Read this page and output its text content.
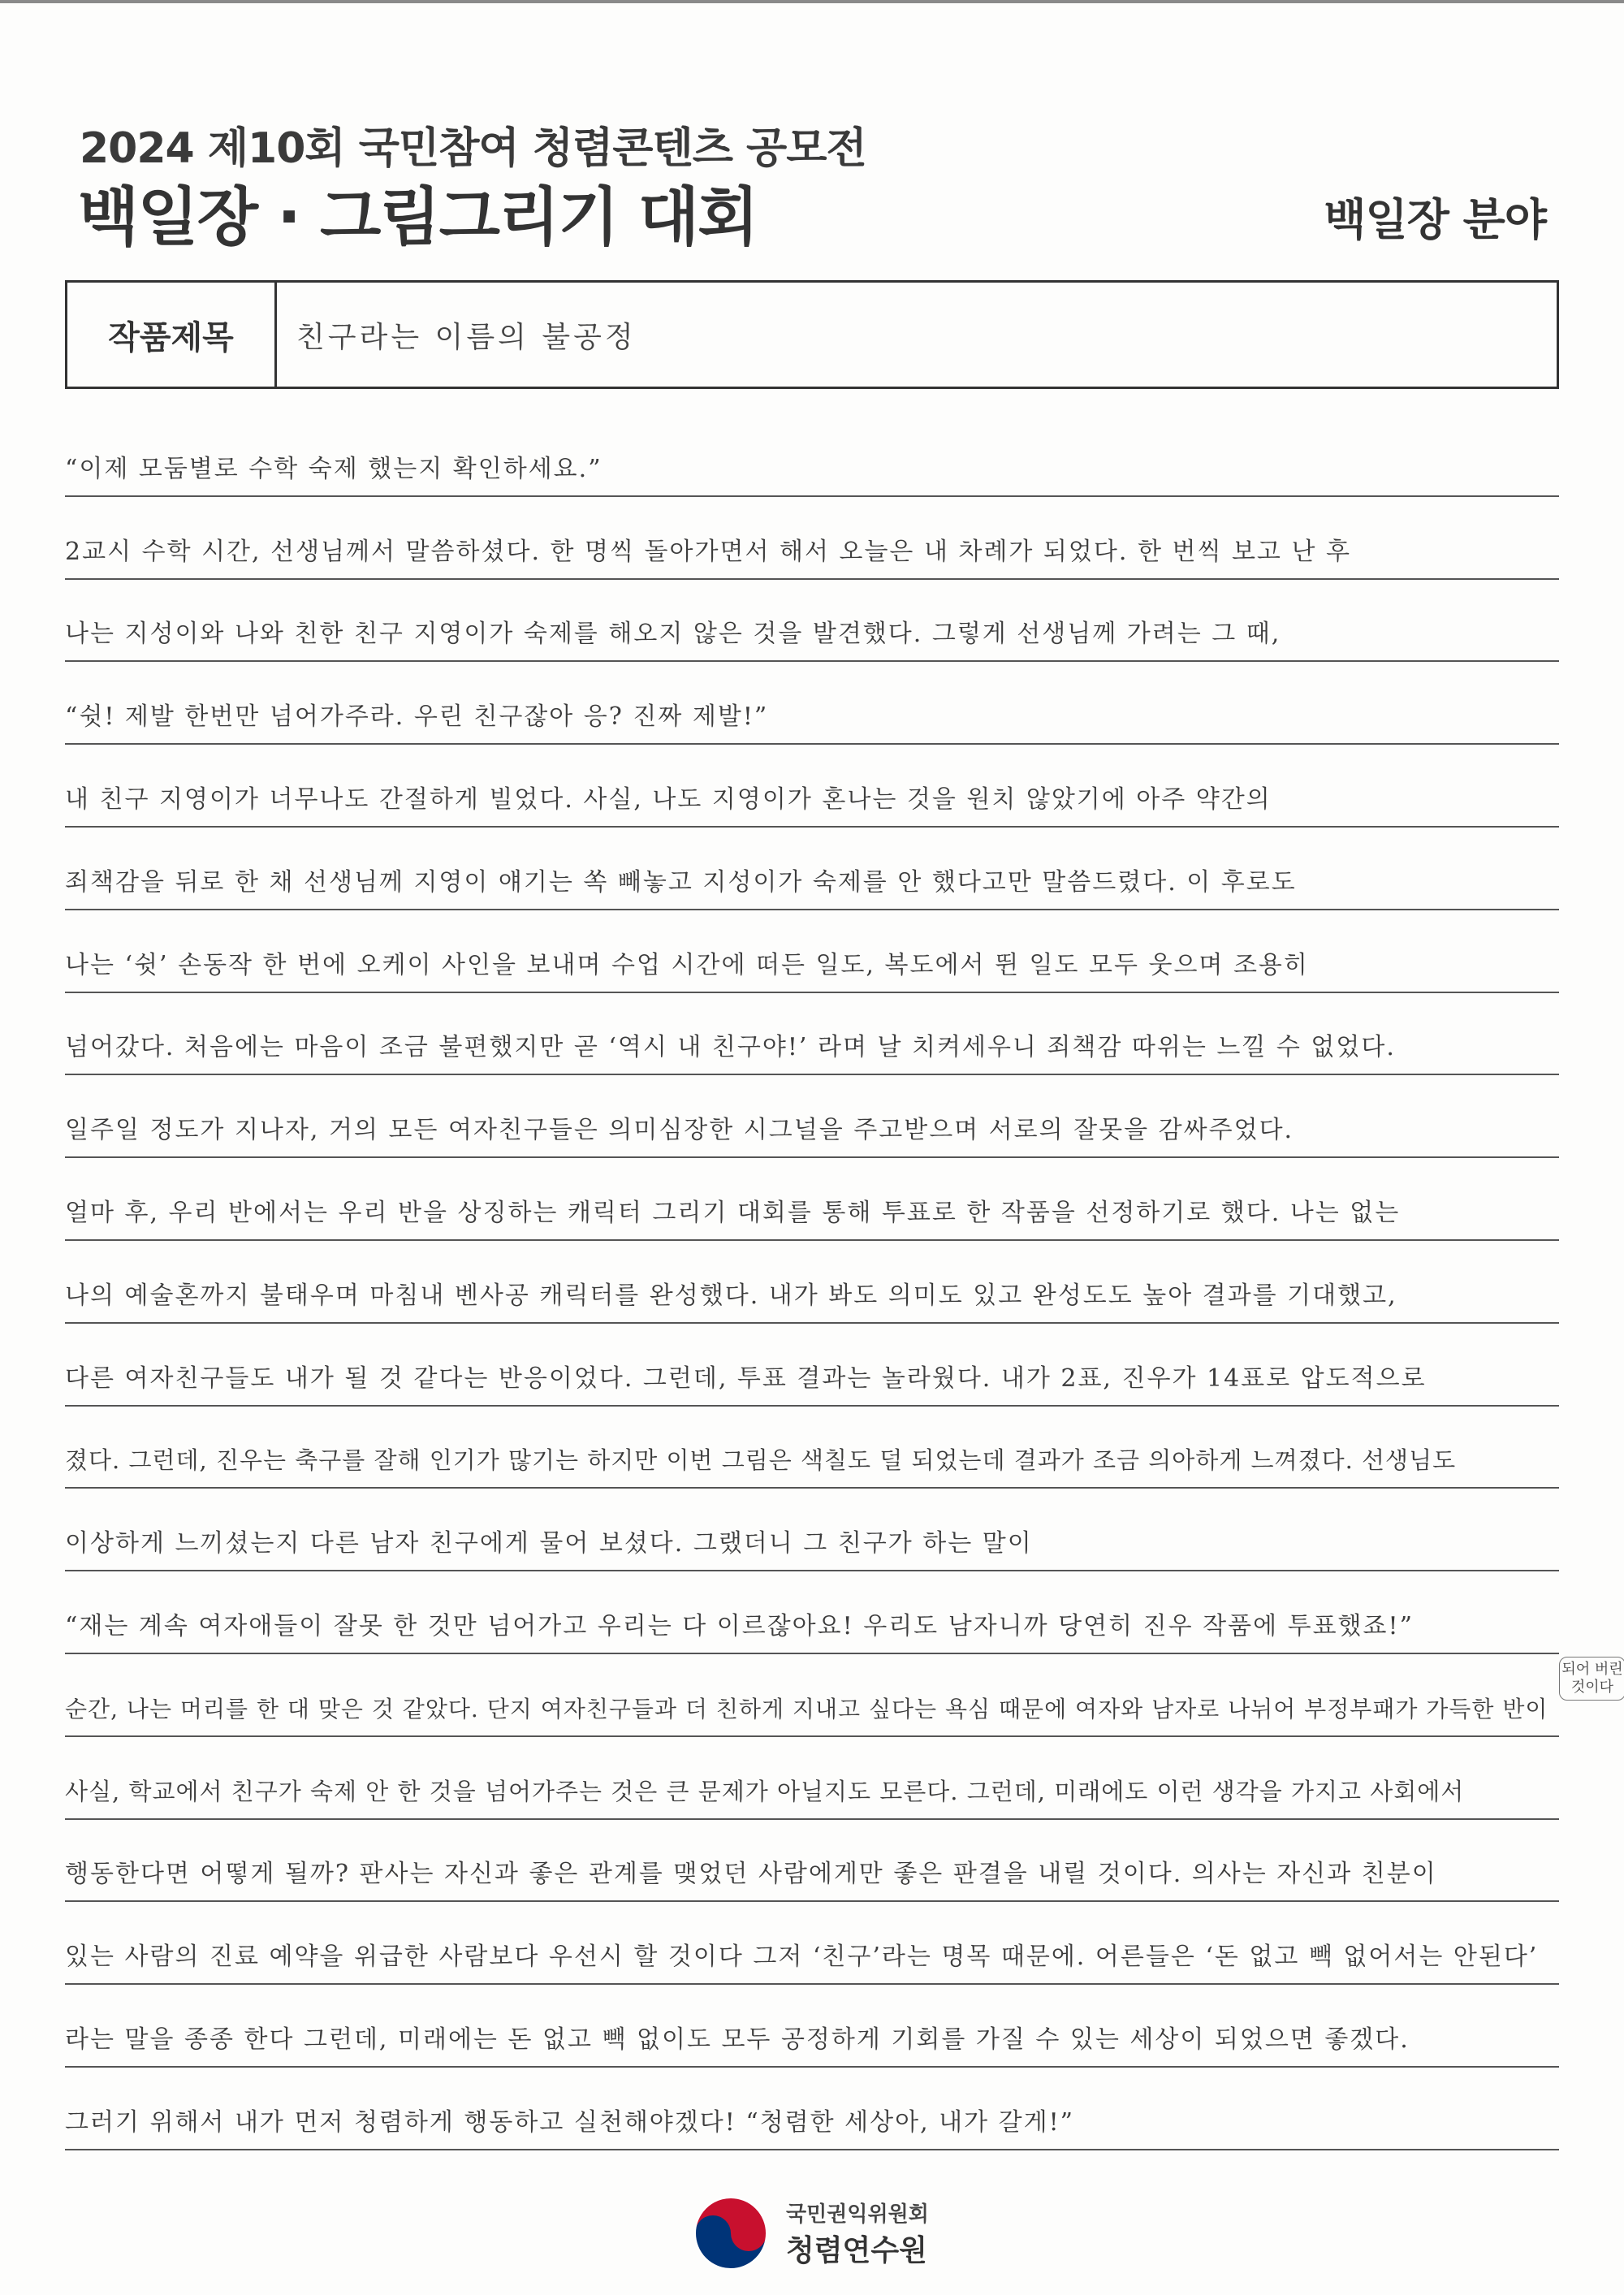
2024 제10회 국민참여 청렴콘텐츠 공모전
백일장 · 그림그리기 대회	백일장 분야
작품제목	친구라는 이름의 불공정
“이제 모둠별로 수학 숙제 했는지 확인하세요.”
2교시 수학 시간, 선생님께서 말씀하셨다. 한 명씩 돌아가면서 해서 오늘은 내 차례가 되었다. 한 번씩 보고 난 후
나는 지성이와 나와 친한 친구 지영이가 숙제를 해오지 않은 것을 발견했다. 그렇게 선생님께 가려는 그 때,
“쉿! 제발 한번만 넘어가주라. 우린 친구잖아 응? 진짜 제발!”
내 친구 지영이가 너무나도 간절하게 빌었다. 사실, 나도 지영이가 혼나는 것을 원치 않았기에 아주 약간의
죄책감을 뒤로 한 채 선생님께 지영이 얘기는 쏙 빼놓고 지성이가 숙제를 안 했다고만 말씀드렸다. 이 후로도
나는 ‘쉿’ 손동작 한 번에 오케이 사인을 보내며 수업 시간에 떠든 일도, 복도에서 뛴 일도 모두 웃으며 조용히
넘어갔다. 처음에는 마음이 조금 불편했지만 곧 ‘역시 내 친구야!’ 라며 날 치켜세우니 죄책감 따위는 느낄 수 없었다.
일주일 정도가 지나자, 거의 모든 여자친구들은 의미심장한 시그널을 주고받으며 서로의 잘못을 감싸주었다.
얼마 후, 우리 반에서는 우리 반을 상징하는 캐릭터 그리기 대회를 통해 투표로 한 작품을 선정하기로 했다. 나는 없는
나의 예술혼까지 불태우며 마침내 벤사공 캐릭터를 완성했다. 내가 봐도 의미도 있고 완성도도 높아 결과를 기대했고,
다른 여자친구들도 내가 될 것 같다는 반응이었다. 그런데, 투표 결과는 놀라웠다. 내가 2표, 진우가 14표로 압도적으로
졌다. 그런데, 진우는 축구를 잘해 인기가 많기는 하지만 이번 그림은 색칠도 덜 되었는데 결과가 조금 의아하게 느껴졌다. 선생님도
이상하게 느끼셨는지 다른 남자 친구에게 물어 보셨다. 그랬더니 그 친구가 하는 말이
“재는 계속 여자애들이 잘못 한 것만 넘어가고 우리는 다 이르잖아요! 우리도 남자니까 당연히 진우 작품에 투표했죠!”
순간, 나는 머리를 한 대 맞은 것 같았다. 단지 여자친구들과 더 친하게 지내고 싶다는 욕심 때문에 여자와 남자로 나뉘어 부정부패가 가득한 반이
사실, 학교에서 친구가 숙제 안 한 것을 넘어가주는 것은 큰 문제가 아닐지도 모른다. 그런데, 미래에도 이런 생각을 가지고 사회에서
행동한다면 어떻게 될까? 판사는 자신과 좋은 관계를 맺었던 사람에게만 좋은 판결을 내릴 것이다. 의사는 자신과 친분이
있는 사람의 진료 예약을 위급한 사람보다 우선시 할 것이다 그저 ‘친구’라는 명목 때문에. 어른들은 ‘돈 없고 빽 없어서는 안된다’
라는 말을 종종 한다 그런데, 미래에는 돈 없고 빽 없이도 모두 공정하게 기회를 가질 수 있는 세상이 되었으면 좋겠다.
그러기 위해서 내가 먼저 청렴하게 행동하고 실천해야겠다! “청렴한 세상아, 내가 갈게!”
되어 버린 것이다
국민권익위원회
청렴연수원
